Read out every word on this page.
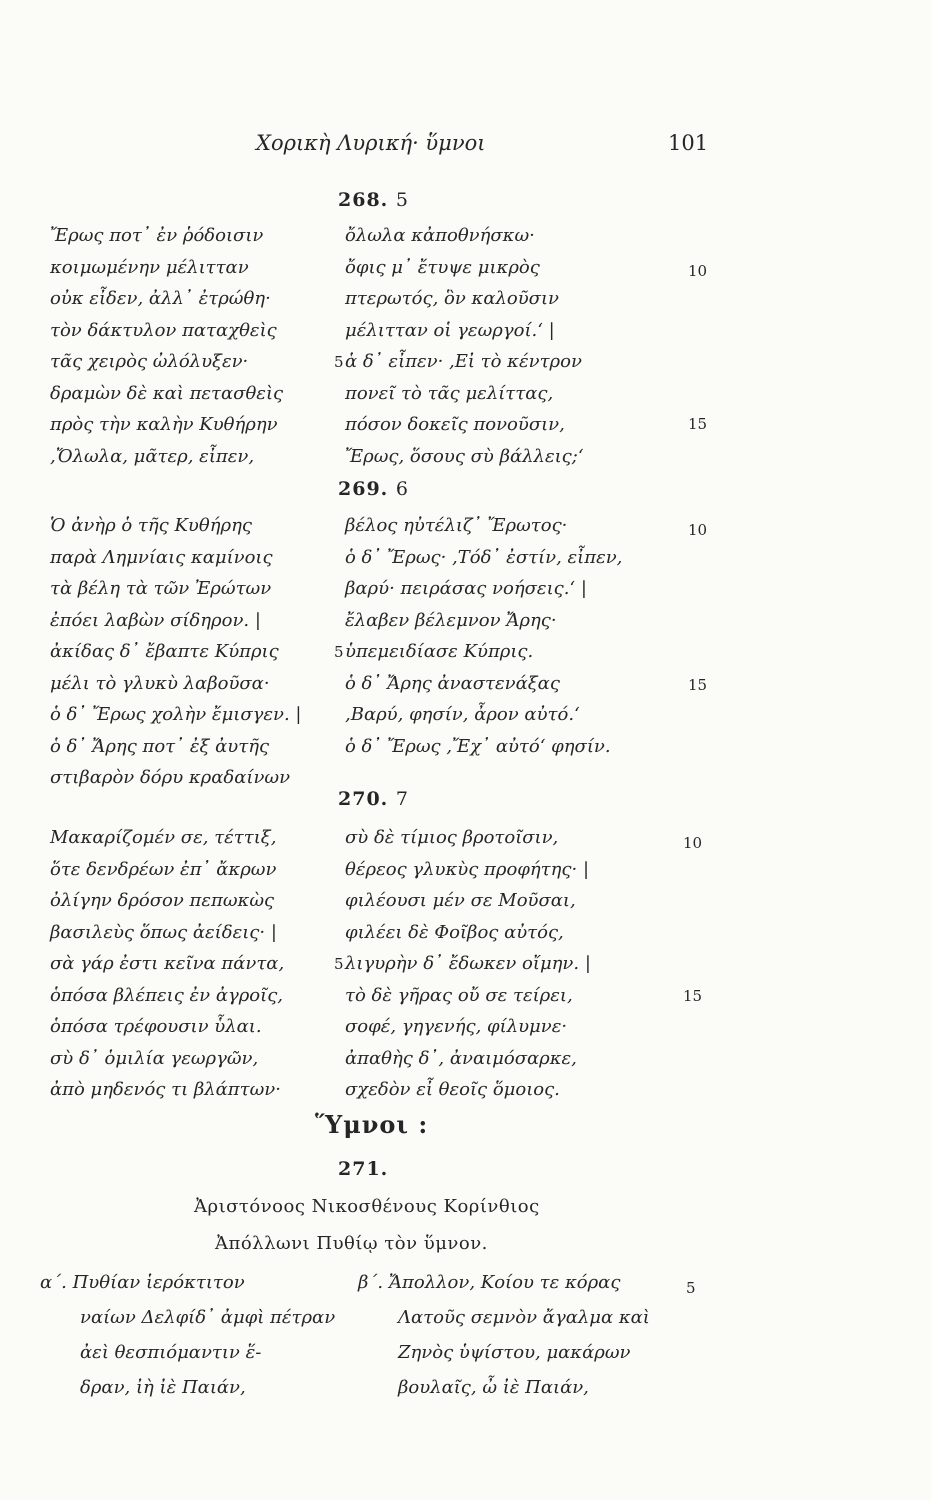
Χορικὴ Λυρική· ὕμνοι	101
268. 5
Ἔρως ποτ᾽ ἐν ῥόδοισιν
κοιμωμένην μέλιτταν
οὐκ εἶδεν, ἀλλ᾽ ἐτρώθη·
τὸν δάκτυλον παταχθεὶς
τᾶς χειρὸς ὠλόλυξεν·
δραμὼν δὲ καὶ πετασθεὶς
πρὸς τὴν καλὴν Κυθήρην
,Ὄλωλα, μᾶτερ, εἶπεν,
5
ὄλωλα κἀποθνήσκω·
ὄφις μ᾽ ἔτυψε μικρὸς
πτερωτός, ὃν καλοῦσιν
μέλιτταν οἱ γεωργοί.‘ |
ἁ δ᾽ εἶπεν· ,Εἰ τὸ κέντρον
πονεῖ τὸ τᾶς μελίττας,
πόσον δοκεῖς πονοῦσιν,
Ἔρως, ὅσους σὺ βάλλεις;‘
10
15
269. 6
Ὁ ἀνὴρ ὁ τῆς Κυθήρης
παρὰ Λημνίαις καμίνοις
τὰ βέλη τὰ τῶν Ἐρώτων
ἐπόει λαβὼν σίδηρον. |
ἀκίδας δ᾽ ἔβαπτε Κύπρις
μέλι τὸ γλυκὺ λαβοῦσα·
ὁ δ᾽ Ἔρως χολὴν ἔμισγεν. |
ὁ δ᾽ Ἄρης ποτ᾽ ἐξ ἀυτῆς
στιβαρὸν δόρυ κραδαίνων
5
βέλος ηὐτέλιζ᾽ Ἔρωτος·
ὁ δ᾽ Ἔρως· ,Τόδ᾽ ἐστίν, εἶπεν,
βαρύ· πειράσας νοήσεις.‘ |
ἔλαβεν βέλεμνον Ἄρης·
ὑπεμειδίασε Κύπρις.
ὁ δ᾽ Ἄρης ἀναστενάξας
,Βαρύ, φησίν, ἆρον αὐτό.‘
ὁ δ᾽ Ἔρως ,Ἔχ᾽ αὐτό‘ φησίν.
10
15
270. 7
Μακαρίζομέν σε, τέττιξ,
ὅτε δενδρέων ἐπ᾽ ἄκρων
ὀλίγην δρόσον πεπωκὼς
βασιλεὺς ὅπως ἀείδεις· |
σὰ γάρ ἐστι κεῖνα πάντα,
ὁπόσα βλέπεις ἐν ἀγροῖς,
ὁπόσα τρέφουσιν ὗλαι.
σὺ δ᾽ ὁμιλία γεωργῶν,
ἀπὸ μηδενός τι βλάπτων·
5
σὺ δὲ τίμιος βροτοῖσιν,
θέρεος γλυκὺς προφήτης· |
φιλέουσι μέν σε Μοῦσαι,
φιλέει δὲ Φοῖβος αὐτός,
λιγυρὴν δ᾽ ἔδωκεν οἴμην. |
τὸ δὲ γῆρας οὔ σε τείρει,
σοφέ, γηγενής, φίλυμνε·
ἀπαθὴς δ᾽, ἀναιμόσαρκε,
σχεδὸν εἶ θεοῖς ὅμοιος.
10
15
Ὕμνοι :
271.
Ἀριστόνοος Νικοσθένους Κορίνθιος
Ἀπόλλωνι Πυθίῳ τὸν ὕμνον.
α΄. Πυθίαν ἱερόκτιτον
ναίων Δελφίδ᾽ ἀμφὶ πέτραν
ἀεὶ θεσπιόμαντιν ἕ-
δραν, ἰὴ ἰὲ Παιάν,
β΄. Ἄπολλον, Κοίου τε κόρας
Λατοῦς σεμνὸν ἄγαλμα καὶ
Ζηνὸς ὑψίστου, μακάρων
βουλαῖς, ὦ ἰὲ Παιάν,
5
